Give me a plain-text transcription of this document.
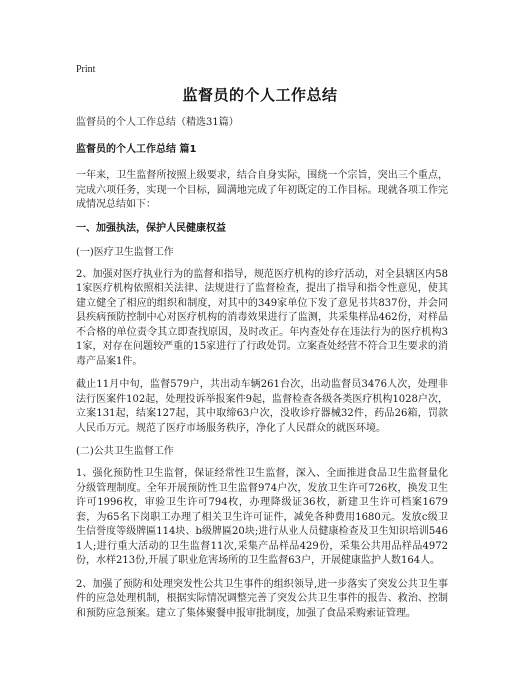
Print
监督员的个人工作总结

监督员的个人工作总结（精选31篇）

监督员的个人工作总结 篇1

一年来，卫生监督所按照上级要求，结合自身实际，围绕一个宗旨，突出三个重点，完成六项任务，实现一个目标，圆满地完成了年初既定的工作目标。现就各项工作完成情况总结如下：

一、加强执法，保护人民健康权益

(一)医疗卫生监督工作

2、加强对医疗执业行为的监督和指导，规范医疗机构的诊疗活动，对全县辖区内581家医疗机构依照相关法律、法规进行了监督检查，提出了指导和指令性意见，使其建立健全了相应的组织和制度，对其中的349家单位下发了意见书共837份，并会同县疾病预防控制中心对医疗机构的消毒效果进行了监测，共采集样品462份，对样品不合格的单位责令其立即查找原因，及时改正。年内查处存在违法行为的医疗机构31家，对存在问题较严重的15家进行了行政处罚。立案查处经营不符合卫生要求的消毒产品案1件。

截止11月中旬，监督579户，共出动车辆261台次，出动监督员3476人次，处理非法行医案件102起，处理投诉举报案件9起，监督检查各级各类医疗机构1028户次，立案131起，结案127起，其中取缔63户次，没收诊疗器械32件，药品26箱，罚款人民币万元。规范了医疗市场服务秩序，净化了人民群众的就医环境。

(二)公共卫生监督工作

1、强化预防性卫生监督，保证经常性卫生监督，深入、全面推进食品卫生监督量化分级管理制度。全年开展预防性卫生监督974户次，发放卫生许可726枚，换发卫生许可1996枚，审验卫生许可794枚，办理降级证36枚，新建卫生许可档案1679套，为65名下岗职工办理了相关卫生许可证件，减免各种费用1680元。发放c级卫生信誉度等级牌匾114块、b级牌匾20块;进行从业人员健康检查及卫生知识培训5461人;进行重大活动的卫生监督11次,采集产品样品429份，采集公共用品样品4972份，水样213份,开展了职业危害场所的卫生监督63户，开展健康监护人数164人。

2、加强了预防和处理突发性公共卫生事件的组织领导,进一步落实了突发公共卫生事件的应急处理机制，根据实际情况调整完善了突发公共卫生事件的报告、救治、控制和预防应急预案。建立了集体聚餐申报审批制度，加强了食品采购索证管理。
